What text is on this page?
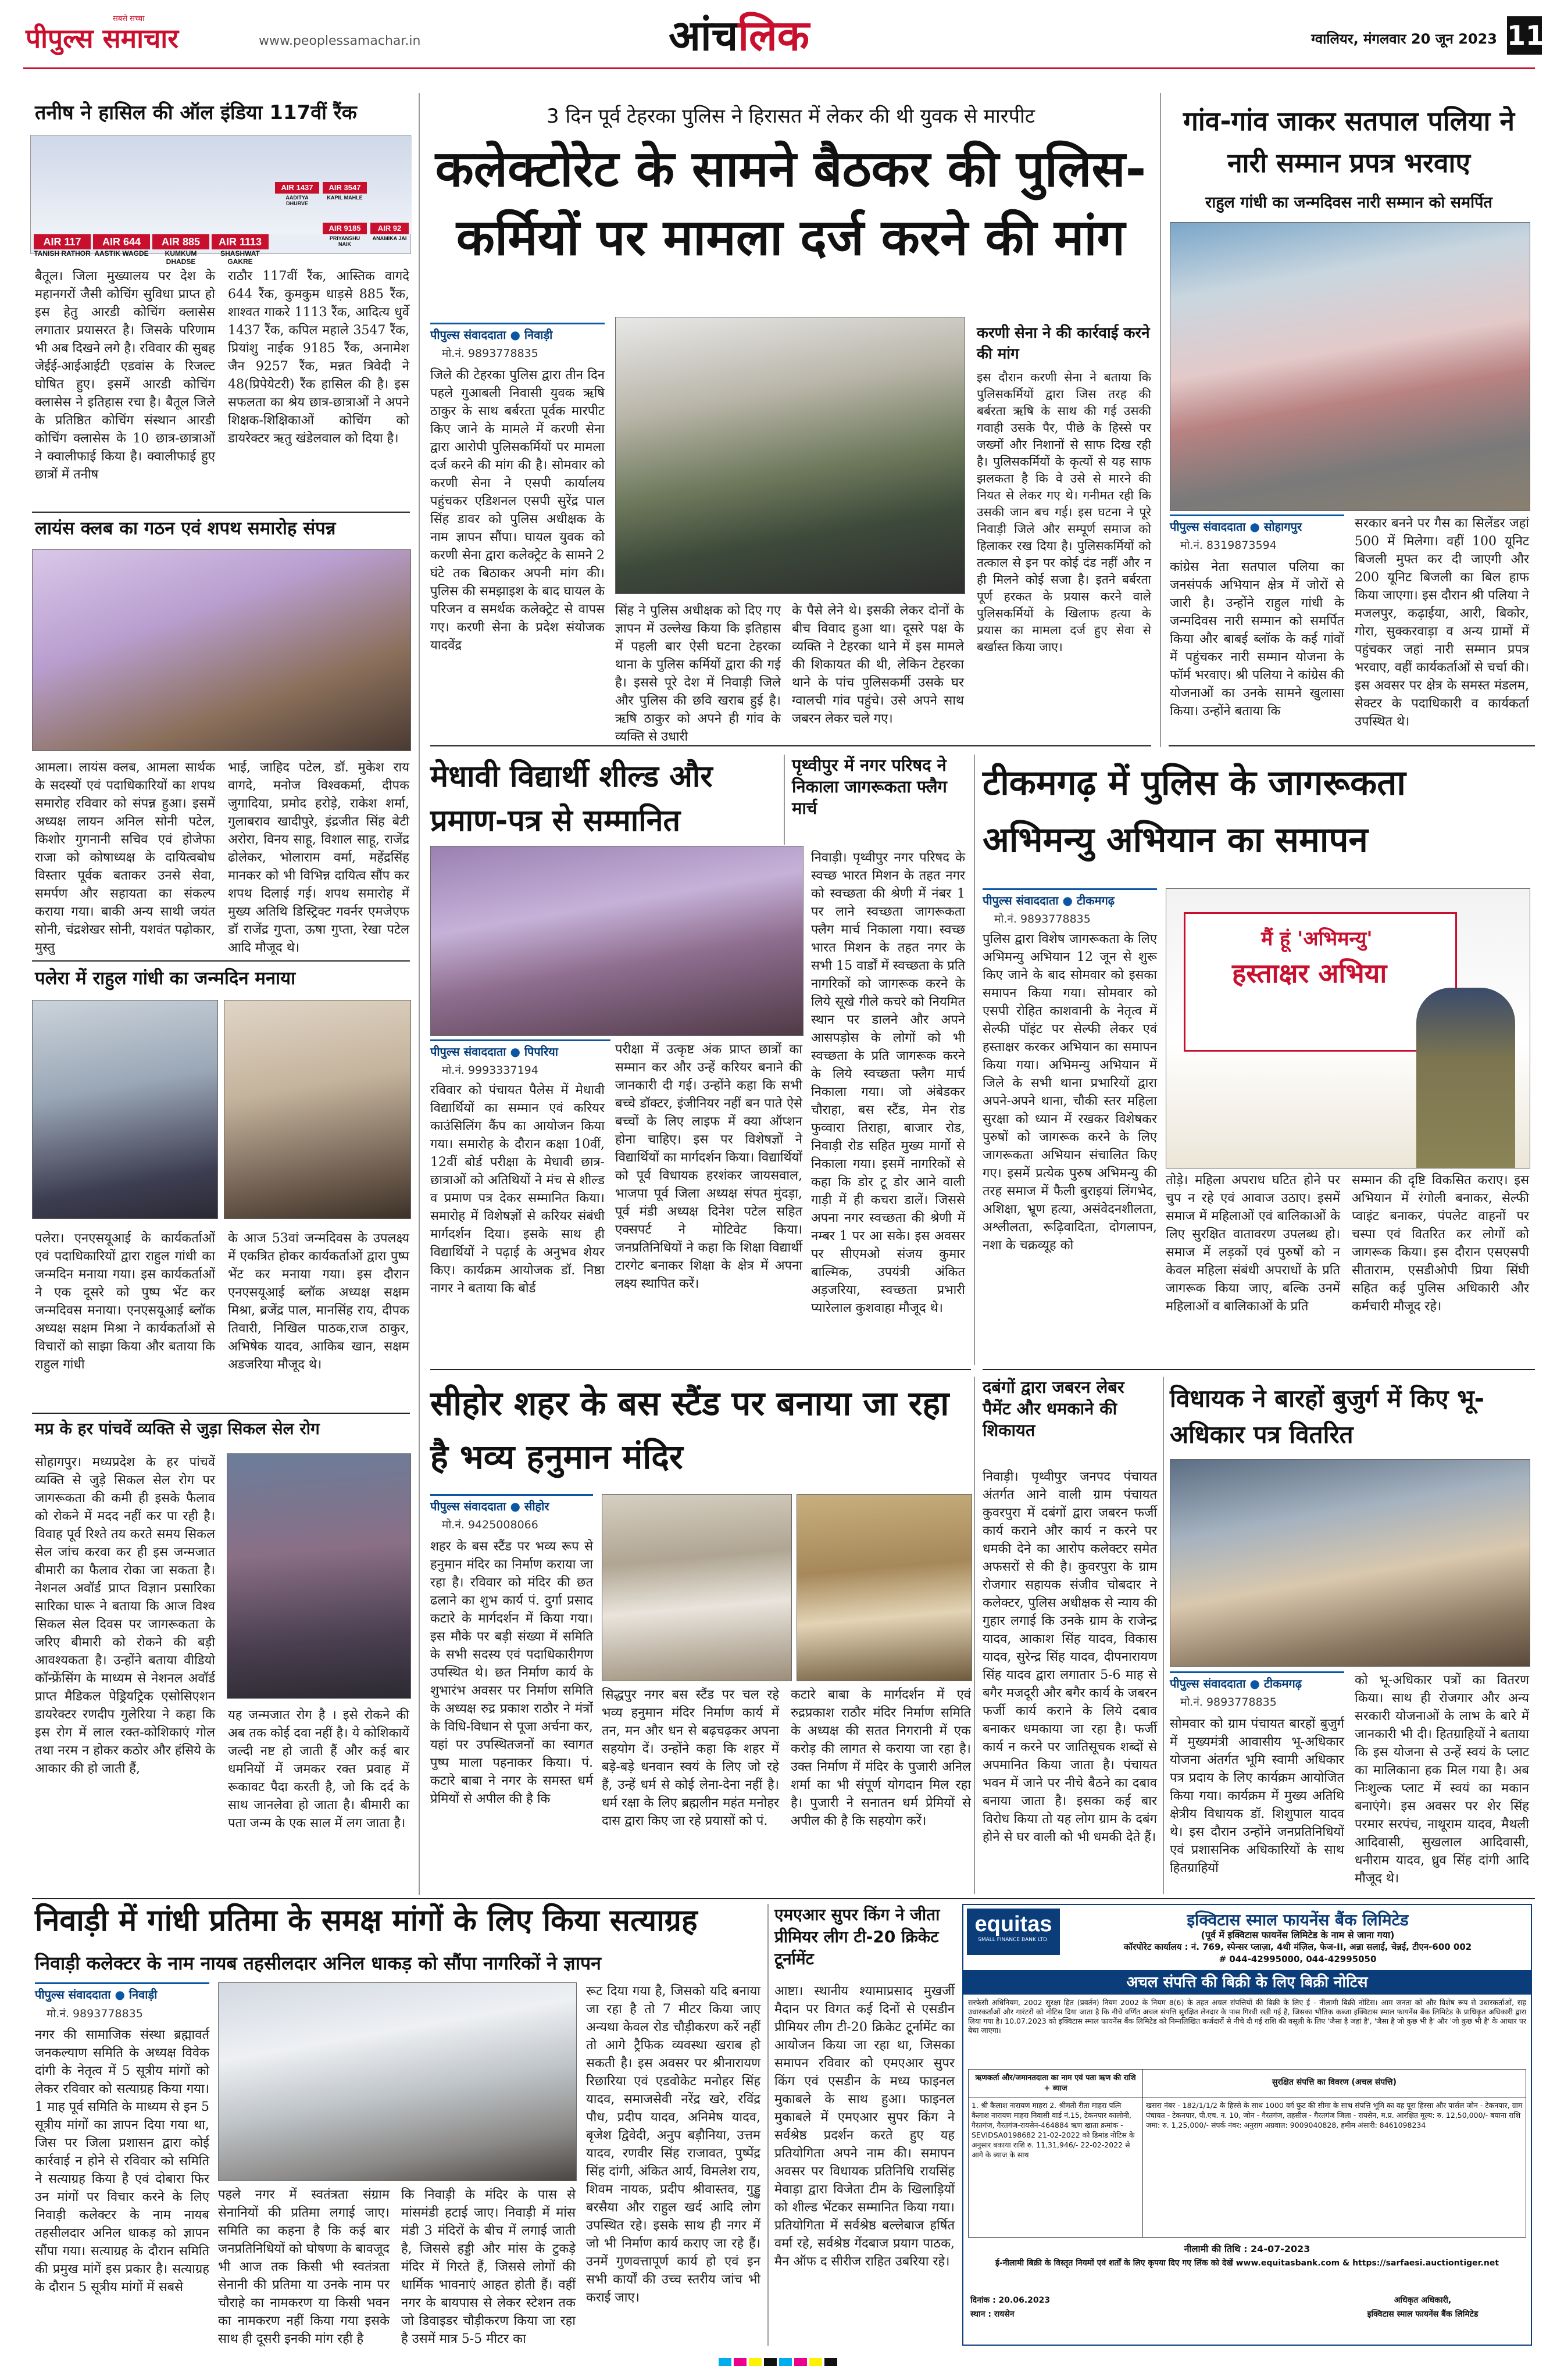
सबसे सच्चा
पीपुल्स समाचार	www.peoplessamachar.in	आंचलिक	ग्वालियर, मंगलवार 20 जून 2023 11
तनीष ने हासिल की ऑल इंडिया 117वीं रैंक
AIR 117	AIR 644	AIR 885	AIR 1113
AIR 1437	AIR 3547
AIR 9185	AIR 92
TANISH RATHOR AASTIK WAGDE	KUMKUM DHADSE
SHASHWAT GAKRE
AADITYA DHURVE
KAPIL MAHLE
PRIYANSHU NAIK
ANAMIKA JAI
बैतूल। जिला मुख्यालय पर देश के महानगरों जैसी कोचिंग सुविधा प्राप्त हो इस हेतु आरडी कोचिंग क्लासेस लगातार प्रयासरत है। जिसके परिणाम भी अब दिखने लगे है। रविवार की सुबह जेईई-आईआईटी एडवांस के रिजल्ट घोषित हुए। इसमें आरडी कोचिंग क्लासेस ने इतिहास रचा है। बैतूल जिले के प्रतिष्ठित कोचिंग संस्थान आरडी कोचिंग क्लासेस के 10 छात्र-छात्राओं ने क्वालीफाई किया है। क्वालीफाई हुए छात्रों में तनीष
राठौर 117वीं रैंक, आस्तिक वागदे 644 रैंक, कुमकुम धाड़से 885 रैंक, शाश्वत गाकरे 1113 रैंक, आदित्य धुर्वे 1437 रैंक, कपिल महाले 3547 रैंक, प्रियांशु नाईक 9185 रैंक, अनामेश जैन 9257 रैंक, मन्नत त्रिवेदी ने 48(प्रिपेयेटरी) रैंक हासिल की है। इस सफलता का श्रेय छात्र-छात्राओं ने अपने शिक्षक-शिक्षिकाओं कोचिंग को डायरेक्टर ऋतु खंडेलवाल को दिया है।
लायंस क्लब का गठन एवं शपथ समारोह संपन्न
आमला। लायंस क्लब, आमला सार्थक के सदस्यों एवं पदाधिकारियों का शपथ समारोह रविवार को संपन्न हुआ। इसमें अध्यक्ष लायन अनिल सोनी पटेल, किशोर गुगनानी सचिव एवं होजेफा राजा को कोषाध्यक्ष के दायित्वबोध विस्तार पूर्वक बताकर उनसे सेवा, समर्पण और सहायता का संकल्प कराया गया। बाकी अन्य साथी जयंत सोनी, चंद्रशेखर सोनी, यशवंत पढ़ोकार, मुस्तु
भाई, जाहिद पटेल, डॉ. मुकेश राय वागदे, मनोज विश्वकर्मा, दीपक जुगादिया, प्रमोद हरोड़े, राकेश शर्मा, गुलाबराव खादीपुरे, इंद्रजीत सिंह बेटी अरोरा, विनय साहू, विशाल साहू, राजेंद्र ढोलेकर, भोलाराम वर्मा, महेंद्रसिंह मानकर को भी विभिन्न दायित्व सौंप कर शपथ दिलाई गई। शपथ समारोह में मुख्य अतिथि डिस्ट्रिक्ट गवर्नर एमजेएफ डॉ राजेंद्र गुप्ता, ऊषा गुप्ता, रेखा पटेल आदि मौजूद थे।
पलेरा में राहुल गांधी का जन्मदिन मनाया
पलेरा। एनएसयूआई के कार्यकर्ताओं एवं पदाधिकारियों द्वारा राहुल गांधी का जन्मदिन मनाया गया। इस कार्यकर्ताओं ने एक दूसरे को पुष्प भेंट कर जन्मदिवस मनाया। एनएसयूआई ब्लॉक अध्यक्ष सक्षम मिश्रा ने कार्यकर्ताओं से विचारों को साझा किया और बताया कि राहुल गांधी
के आज 53वां जन्मदिवस के उपलक्ष्य में एकत्रित होकर कार्यकर्ताओं द्वारा पुष्प भेंट कर मनाया गया। इस दौरान एनएसयूआई ब्लॉक अध्यक्ष सक्षम मिश्रा, ब्रजेंद्र पाल, मानसिंह राय, दीपक तिवारी, निखिल पाठक,राज ठाकुर, अभिषेक यादव, आकिब खान, सक्षम अडजरिया मौजूद थे।
मप्र के हर पांचवें व्यक्ति से जुड़ा सिकल सेल रोग
सोहागपुर। मध्यप्रदेश के हर पांचवें व्यक्ति से जुड़े सिकल सेल रोग पर जागरूकता की कमी ही इसके फैलाव को रोकने में मदद नहीं कर पा रही है। विवाह पूर्व रिश्ते तय करते समय सिकल सेल जांच करवा कर ही इस जन्मजात बीमारी का फैलाव रोका जा सकता है। नेशनल अवॉर्ड प्राप्त विज्ञान प्रसारिका सारिका घारू ने बताया कि आज विश्व सिकल सेल दिवस पर जागरूकता के जरिए बीमारी को रोकने की बड़ी आवश्यकता है। उन्होंने बताया वीडियो कॉन्फ्रेंसिंग के माध्यम से नेशनल अवॉर्ड प्राप्त मैडिकल पेड्रियट्रिक एसोसिएशन डायरेक्टर रणदीप गुलेरिया ने कहा कि इस रोग में लाल रक्त-कोशिकाएं गोल तथा नरम न होकर कठोर और हंसिये के आकार की हो जाती हैं,
यह जन्मजात रोग है । इसे रोकने की अब तक कोई दवा नहीं है। ये कोशिकायें जल्दी नष्ट हो जाती हैं और कई बार धमनियों में जमकर रक्त प्रवाह में रूकावट पैदा करती है, जो कि दर्द के साथ जानलेवा हो जाता है। बीमारी का पता जन्म के एक साल में लग जाता है।
3 दिन पूर्व टेहरका पुलिस ने हिरासत में लेकर की थी युवक से मारपीट
कलेक्टोरेट के सामने बैठकर की पुलिस-कर्मियों पर मामला दर्ज करने की मांग
पीपुल्स संवाददाता ● निवाड़ी
मो.नं. 9893778835
जिले की टेहरका पुलिस द्वारा तीन दिन पहले गुआबली निवासी युवक ऋषि ठाकुर के साथ बर्बरता पूर्वक मारपीट किए जाने के मामले में करणी सेना द्वारा आरोपी पुलिसकर्मियों पर मामला दर्ज करने की मांग की है। सोमवार को करणी सेना ने एसपी कार्यालय पहुंचकर एडिशनल एसपी सुरेंद्र पाल सिंह डावर को पुलिस अधीक्षक के नाम ज्ञापन सौंपा। घायल युवक को करणी सेना द्वारा कलेक्ट्रेट के सामने 2 घंटे तक बिठाकर अपनी मांग की। पुलिस की समझाइश के बाद घायल के परिजन व समर्थक कलेक्ट्रेट से वापस गए। करणी सेना के प्रदेश संयोजक यादवेंद्र
सिंह ने पुलिस अधीक्षक को दिए गए ज्ञापन में उल्लेख किया कि इतिहास में पहली बार ऐसी घटना टेहरका थाना के पुलिस कर्मियों द्वारा की गई है। इससे पूरे देश में निवाड़ी जिले और पुलिस की छवि खराब हुई है। ऋषि ठाकुर को अपने ही गांव के व्यक्ति से उधारी
के पैसे लेने थे। इसकी लेकर दोनों के बीच विवाद हुआ था। दूसरे पक्ष के व्यक्ति ने टेहरका थाने में इस मामले की शिकायत की थी, लेकिन टेहरका थाने के पांच पुलिसकर्मी उसके घर ग्वालची गांव पहुंचे। उसे अपने साथ जबरन लेकर चले गए।
करणी सेना ने की कार्रवाई करने की मांग
इस दौरान करणी सेना ने बताया कि पुलिसकर्मियों द्वारा जिस तरह की बर्बरता ऋषि के साथ की गई उसकी गवाही उसके पैर, पीछे के हिस्से पर जख्मों और निशानों से साफ दिख रही है। पुलिसकर्मियों के कृत्यों से यह साफ झलकता है कि वे उसे से मारने की नियत से लेकर गए थे। गनीमत रही कि उसकी जान बच गई। इस घटना ने पूरे निवाड़ी जिले और सम्पूर्ण समाज को हिलाकर रख दिया है। पुलिसकर्मियों को तत्काल से इन पर कोई दंड नहीं और न ही मिलने कोई सजा है। इतने बर्बरता पूर्ण हरकत के प्रयास करने वाले पुलिसकर्मियों के खिलाफ हत्या के प्रयास का मामला दर्ज हुए सेवा से बर्खास्त किया जाए।
गांव-गांव जाकर सतपाल पलिया ने नारी सम्मान प्रपत्र भरवाए
राहुल गांधी का जन्मदिवस नारी सम्मान को समर्पित
पीपुल्स संवाददाता ● सोहागपुर
मो.नं. 8319873594
कांग्रेस नेता सतपाल पलिया का जनसंपर्क अभियान क्षेत्र में जोरों से जारी है। उन्होंने राहुल गांधी के जन्मदिवस नारी सम्मान को समर्पित किया और बाबई ब्लॉक के कई गांवों में पहुंचकर नारी सम्मान योजना के फॉर्म भरवाए। श्री पलिया ने कांग्रेस की योजनाओं का उनके सामने खुलासा किया। उन्होंने बताया कि
सरकार बनने पर गैस का सिलेंडर जहां 500 में मिलेगा। वहीं 100 यूनिट बिजली मुफ्त कर दी जाएगी और 200 यूनिट बिजली का बिल हाफ किया जाएगा। इस दौरान श्री पलिया ने मजलपुर, कढ़ाईया, आरी, बिकोर, गोरा, सुक्करवाड़ा व अन्य ग्रामों में पहुंचकर जहां नारी सम्मान प्रपत्र भरवाए, वहीं कार्यकर्ताओं से चर्चा की। इस अवसर पर क्षेत्र के समस्त मंडलम, सेक्टर के पदाधिकारी व कार्यकर्ता उपस्थित थे।
मेधावी विद्यार्थी शील्ड और प्रमाण-पत्र से सम्मानित
पीपुल्स संवाददाता ● पिपरिया
मो.नं. 9993337194
रविवार को पंचायत पैलेस में मेधावी विद्यार्थियों का सम्मान एवं करियर काउंसिलिंग कैंप का आयोजन किया गया। समारोह के दौरान कक्षा 10वीं, 12वीं बोर्ड परीक्षा के मेधावी छात्र-छात्राओं को अतिथियों ने मंच से शील्ड व प्रमाण पत्र देकर सम्मानित किया। समारोह में विशेषज्ञों से करियर संबंधी मार्गदर्शन दिया। इसके साथ ही विद्यार्थियों ने पढ़ाई के अनुभव शेयर किए। कार्यक्रम आयोजक डॉ. निष्ठा नागर ने बताया कि बोर्ड
परीक्षा में उत्कृष्ट अंक प्राप्त छात्रों का सम्मान कर और उन्हें करियर बनाने की जानकारी दी गई। उन्होंने कहा कि सभी बच्चे डॉक्टर, इंजीनियर नहीं बन पाते ऐसे बच्चों के लिए लाइफ में क्या ऑप्शन होना चाहिए। इस पर विशेषज्ञों ने विद्यार्थियों का मार्गदर्शन किया। विद्यार्थियों को पूर्व विधायक हरशंकर जायसवाल, भाजपा पूर्व जिला अध्यक्ष संपत मुंदड़ा, पूर्व मंडी अध्यक्ष दिनेश पटेल सहित एक्सपर्ट ने मोटिवेट किया। जनप्रतिनिधियों ने कहा कि शिक्षा विद्यार्थी टारगेट बनाकर शिक्षा के क्षेत्र में अपना लक्ष्य स्थापित करें।
पृथ्वीपुर में नगर परिषद ने निकाला जागरूकता फ्लैग मार्च
निवाड़ी। पृथ्वीपुर नगर परिषद के स्वच्छ भारत मिशन के तहत नगर को स्वच्छता की श्रेणी में नंबर 1 पर लाने स्वच्छता जागरूकता फ्लैग मार्च निकाला गया। स्वच्छ भारत मिशन के तहत नगर के सभी 15 वार्डों में स्वच्छता के प्रति नागरिकों को जागरूक करने के लिये सूखे गीले कचरे को नियमित स्थान पर डालने और अपने आसपड़ोस के लोगों को भी स्वच्छता के प्रति जागरूक करने के लिये स्वच्छता फ्लैग मार्च निकाला गया। जो अंबेडकर चौराहा, बस स्टैंड, मेन रोड फुव्वारा तिराहा, बाजार रोड, निवाड़ी रोड सहित मुख्य मार्गो से निकाला गया। इसमें नागरिकों से कहा कि डोर टू डोर आने वाली गाड़ी में ही कचरा डालें। जिससे अपना नगर स्वच्छता की श्रेणी में नम्बर 1 पर आ सके। इस अवसर पर सीएमओ संजय कुमार बाल्मिक, उपयंत्री अंकित अड़जरिया, स्वच्छता प्रभारी प्यारेलाल कुशवाहा मौजूद थे।
टीकमगढ़ में पुलिस के जागरूकता अभिमन्यु अभियान का समापन
पीपुल्स संवाददाता ● टीकमगढ़
मो.नं. 9893778835
पुलिस द्वारा विशेष जागरूकता के लिए अभिमन्यु अभियान 12 जून से शुरू किए जाने के बाद सोमवार को इसका समापन किया गया। सोमवार को एसपी रोहित काशवानी के नेतृत्व में सेल्फी पॉइंट पर सेल्फी लेकर एवं हस्ताक्षर करकर अभियान का समापन किया गया। अभिमन्यु अभियान में जिले के सभी थाना प्रभारियों द्वारा अपने-अपने थाना, चौकी स्तर महिला सुरक्षा को ध्यान में रखकर विशेषकर पुरुषों को जागरूक करने के लिए जागरूकता अभियान संचालित किए गए। इसमें प्रत्येक पुरुष अभिमन्यु की तरह समाज में फैली बुराइयां लिंगभेद, अशिक्षा, भ्रूण हत्या, असंवेदनशीलता, अश्लीलता, रूढ़िवादिता, दोगलापन, नशा के चक्रव्यूह को
मैं हूं 'अभिमन्यु'
हस्ताक्षर अभिया
तोड़े। महिला अपराध घटित होने पर चुप न रहे एवं आवाज उठाए। इसमें समाज में महिलाओं एवं बालिकाओं के लिए सुरक्षित वातावरण उपलब्ध हो। समाज में लड़कों एवं पुरुषों को न केवल महिला संबंधी अपराधों के प्रति जागरूक किया जाए, बल्कि उनमें महिलाओं व बालिकाओं के प्रति
सम्मान की दृष्टि विकसित कराए। इस अभियान में रंगोली बनाकर, सेल्फी प्वाइंट बनाकर, पंपलेट वाहनों पर चस्पा एवं वितरित कर लोगों को जागरूक किया। इस दौरान एसएसपी सीताराम, एसडीओपी प्रिया सिंघी सहित कई पुलिस अधिकारी और कर्मचारी मौजूद रहे।
सीहोर शहर के बस स्टैंड पर बनाया जा रहा है भव्य हनुमान मंदिर
पीपुल्स संवाददाता ● सीहोर
मो.नं. 9425008066
शहर के बस स्टैंड पर भव्य रूप से हनुमान मंदिर का निर्माण कराया जा रहा है। रविवार को मंदिर की छत ढलाने का शुभ कार्य पं. दुर्गा प्रसाद कटारे के मार्गदर्शन में किया गया। इस मौके पर बड़ी संख्या में समिति के सभी सदस्य एवं पदाधिकारीगण उपस्थित थे। छत निर्माण कार्य के शुभारंभ अवसर पर निर्माण समिति के अध्यक्ष रुद्र प्रकाश राठौर ने मंत्रोंं के विधि-विधान से पूजा अर्चना कर, यहां पर उपस्थितजनों का स्वागत पुष्प माला पहनाकर किया। पं. कटारे बाबा ने नगर के समस्त धर्म प्रेमियों से अपील की है कि
सिद्धपुर नगर बस स्टैंड पर चल रहे भव्य हनुमान मंदिर निर्माण कार्य में तन, मन और धन से बढ़चढ़कर अपना सहयोग दें। उन्होंने कहा कि शहर में बड़े-बड़े धनवान स्वयं के लिए जो रहे हैं, उन्हें धर्म से कोई लेना-देना नहीं है। धर्म रक्षा के लिए ब्रह्मलीन महंत मनोहर दास द्वारा किए जा रहे प्रयासों को पं.
कटारे बाबा के मार्गदर्शन में एवं रुद्रप्रकाश राठौर मंदिर निर्माण समिति के अध्यक्ष की सतत निगरानी में एक करोड़ की लागत से कराया जा रहा है। उक्त निर्माण में मंदिर के पुजारी अनिल शर्मा का भी संपूर्ण योगदान मिल रहा है। पुजारी ने सनातन धर्म प्रेमियों से अपील की है कि सहयोग करें।
दबंगों द्वारा जबरन लेबर पैमेंट और धमकाने की शिकायत
निवाड़ी। पृथ्वीपुर जनपद पंचायत अंतर्गत आने वाली ग्राम पंचायत कुवरपुरा में दबंगों द्वारा जबरन फर्जी कार्य कराने और कार्य न करने पर धमकी देने का आरोप कलेक्टर समेत अफसरों से की है। कुवरपुरा के ग्राम रोजगार सहायक संजीव चोबदार ने कलेक्टर, पुलिस अधीक्षक से न्याय की गुहार लगाई कि उनके ग्राम के राजेन्द्र यादव, आकाश सिंह यादव, विकास यादव, सुरेन्द्र सिंह यादव, दीपनारायण सिंह यादव द्वारा लगातार 5-6 माह से बगैर मजदूरी और बगैर कार्य के जबरन फर्जी कार्य कराने के लिये दबाव बनाकर धमकाया जा रहा है। फर्जी कार्य न करने पर जातिसूचक शब्दों से अपमानित किया जाता है। पंचायत भवन में जाने पर नीचे बैठने का दबाव बनाया जाता है। इसका कई बार विरोध किया तो यह लोग ग्राम के दबंग होने से घर वाली को भी धमकी देते हैं।
विधायक ने बारहों बुजुर्ग में किए भू-अधिकार पत्र वितरित
पीपुल्स संवाददाता ● टीकमगढ़
मो.नं. 9893778835
सोमवार को ग्राम पंचायत बारहों बुजुर्ग में मुख्यमंत्री आवासीय भू-अधिकार योजना अंतर्गत भूमि स्वामी अधिकार पत्र प्रदाय के लिए कार्यक्रम आयोजित किया गया। कार्यक्रम में मुख्य अतिथि क्षेत्रीय विधायक डॉ. शिशुपाल यादव थे। इस दौरान उन्होंने जनप्रतिनिधियों एवं प्रशासनिक अधिकारियों के साथ हितग्राहियों
को भू-अधिकार पत्रों का वितरण किया। साथ ही रोजगार और अन्य सरकारी योजनाओं के लाभ के बारे में जानकारी भी दी। हितग्राहियों ने बताया कि इस योजना से उन्हें स्वयं के प्लाट का मालिकाना हक मिल गया है। अब निःशुल्क प्लाट में स्वयं का मकान बनाएंगे। इस अवसर पर शेर सिंह परमार सरपंच, नाथूराम यादव, मैथली आदिवासी, सुखलाल आदिवासी, धनीराम यादव, ध्रुव सिंह दांगी आदि मौजूद थे।
निवाड़ी में गांधी प्रतिमा के समक्ष मांगों के लिए किया सत्याग्रह
निवाड़ी कलेक्टर के नाम नायब तहसीलदार अनिल धाकड़ को सौंपा नागरिकों ने ज्ञापन
पीपुल्स संवाददाता ● निवाड़ी
मो.नं. 9893778835
नगर की सामाजिक संस्था ब्रह्मावर्त जनकल्याण समिति के अध्यक्ष विवेक दांगी के नेतृत्व में 5 सूत्रीय मांगों को लेकर रविवार को सत्याग्रह किया गया। 1 माह पूर्व समिति के माध्यम से इन 5 सूत्रीय मांगों का ज्ञापन दिया गया था, जिस पर जिला प्रशासन द्वारा कोई कार्रवाई न होने से रविवार को समिति ने सत्याग्रह किया है एवं दोबारा फिर उन मांगों पर विचार करने के लिए निवाड़ी कलेक्टर के नाम नायब तहसीलदार अनिल धाकड़ को ज्ञापन सौंपा गया। सत्याग्रह के दौरान समिति की प्रमुख मांगें इस प्रकार है। सत्याग्रह के दौरान 5 सूत्रीय मांगों में सबसे
पहले नगर में स्वतंत्रता संग्राम सेनानियों की प्रतिमा लगाई जाए। समिति का कहना है कि कई बार जनप्रतिनिधियों को घोषणा के बावजूद भी आज तक किसी भी स्वतंत्रता सेनानी की प्रतिमा या उनके नाम पर चौराहे का नामकरण या किसी भवन का नामकरण नहीं किया गया इसके साथ ही दूसरी इनकी मांग रही है
कि निवाड़ी के मंदिर के पास से मांसमंडी हटाई जाए। निवाड़ी में मांस मंडी 3 मंदिरों के बीच में लगाई जाती है, जिससे हड्डी और मांस के टुकड़े मंदिर में गिरते हैं, जिससे लोगों की धार्मिक भावनाएं आहत होती हैं। वहीं नगर के बायपास से लेकर स्टेशन तक जो डिवाइडर चौड़ीकरण किया जा रहा है उसमें मात्र 5-5 मीटर का
रूट दिया गया है, जिसको यदि बनाया जा रहा है तो 7 मीटर किया जाए अन्यथा केवल रोड चौड़ीकरण करें नहीं तो आगे ट्रैफिक व्यवस्था खराब हो सकती है। इस अवसर पर श्रीनारायण रिछारिया एवं एडवोकेट मनोहर सिंह यादव, समाजसेवी नरेंद्र खरे, रविंद्र पौध, प्रदीप यादव, अनिमेष यादव, बृजेश द्विवेदी, अनुप बड़ौनिया, उत्तम यादव, रणवीर सिंह राजावत, पुष्पेंद्र सिंह दांगी, अंकित आर्य, विमलेश राय, शिवम नायक, प्रदीप श्रीवास्तव, गुड्डु बरसैया और राहुल खर्द आदि लोग उपस्थित रहे। इसके साथ ही नगर में जो भी निर्माण कार्य कराए जा रहे हैं। उनमें गुणवत्तापूर्ण कार्य हो एवं इन सभी कार्यों की उच्च स्तरीय जांच भी कराई जाए।
एमएआर सुपर किंग ने जीता प्रीमियर लीग टी-20 क्रिकेट टूर्नामेंट
आष्टा। स्थानीय श्यामाप्रसाद मुखर्जी मैदान पर विगत कई दिनों से एसडीन प्रीमियर लीग टी-20 क्रिकेट टूर्नामेंट का आयोजन किया जा रहा था, जिसका समापन रविवार को एमएआर सुपर किंग एवं एसडीन के मध्य फाइनल मुकाबले के साथ हुआ। फाइनल मुकाबले में एमएआर सुपर किंग ने सर्वश्रेष्ठ प्रदर्शन करते हुए यह प्रतियोगिता अपने नाम की। समापन अवसर पर विधायक प्रतिनिधि रायसिंह मेवाड़ा द्वारा विजेता टीम के खिलाड़ियों को शील्ड भेंटकर सम्मानित किया गया। प्रतियोगिता में सर्वश्रेष्ठ बल्लेबाज हर्षित वर्मा रहे, सर्वश्रेष्ठ गेंदबाज प्रयाग पाठक, मैन ऑफ द सीरीज राहित उबरिया रहे।
equitas
SMALL FINANCE BANK LTD.
इक्विटास स्माल फायनेंस बैंक लिमिटेड
(पूर्व में इक्विटास फायनेंस लिमिटेड के नाम से जाना गया)
कॉरपोरेट कार्यालय : नं. 769, स्पेन्सर प्लाज़ा, 4थी मंज़िल, फेज-II, अन्ना सलाई, चेन्नई, टीएन-600 002
# 044-42995000, 044-42995050
अचल संपत्ति की बिक्री के लिए बिक्री नोटिस
सरफेसी अधिनियम, 2002 सुरक्षा हित (प्रवर्तन) नियम 2002 के नियम 8(6) के तहत अचल संपत्तियों की बिक्री के लिए ई - नीलामी बिक्री नोटिस। आम जनता को और विशेष रूप से उधारकर्ताओं, सह उधारकर्ताओं और गारंटरों को नोटिस दिया जाता है कि नीचे वर्णित अचल संपत्ति सुरक्षित लेनदार के पास गिरवी रखी गई है, जिसका भौतिक कब्जा इक्विटास स्माल फायनेंस बैंक लिमिटेड के प्राधिकृत अधिकारी द्वारा लिया गया है। 10.07.2023 को इक्विटास स्माल फायनेंस बैंक लिमिटेड को निम्नलिखित कर्जदारों से नीचे दी गई राशि की वसूली के लिए 'जैसा है जहां है', 'जैसा है जो कुछ भी है' और 'जो कुछ भी है' के आधार पर बेचा जाएगा।
ऋणकर्ता और/जमानतदाता का नाम एवं पता ऋण की राशि + ब्याज
सुरक्षित संपत्ति का विवरण (अचल संपत्ति)
1. श्री कैलाश नारायण माहरा 2. श्रीमती रीता माहरा पत्नि कैलाश नारायण माहरा निवासी वार्ड नं.15, टेकनपार कालोनी, गैरतगंज, गैरतगंज-रायसेन-464884 ऋण खाता क्रमांक - SEVIDSA0198682 21-02-2022 को डिमांड नोटिस के अनुसार बकाया राशि रु. 11,31,946/- 22-02-2022 से आगे के ब्याज के साथ
खसरा नंबर - 182/1/1/2 के हिस्से के साथ 1000 वर्ग फुट की सीमा के साथ संपत्ति भूमि का वह पूरा हिस्सा और पार्सल जोन - टेकनपार, ग्राम पंचायत - टेकनपार, पी.एच. न. 10, जोन - गैरतगंज, तहसील - गैरतगंज जिला - रायसेन, म.प्र. आरक्षित मूल्य: रु. 12,50,000/- बयाना राशि जमा: रु. 1,25,000/- संपर्क नंबर: अनुराग अग्रवाल: 9009040828, हमीम अंसारी: 8461098234
नीलामी की तिथि : 24-07-2023
ई-नीलामी बिक्री के विस्तृत नियमों एवं शर्तों के लिए कृपया दिए गए लिंक को देखें www.equitasbank.com & https://sarfaesi.auctiontiger.net
दिनांक : 20.06.2023
स्थान : रायसेन
अधिकृत अधिकारी,
इक्विटास स्माल फायनेंस बैंक लिमिटेड
